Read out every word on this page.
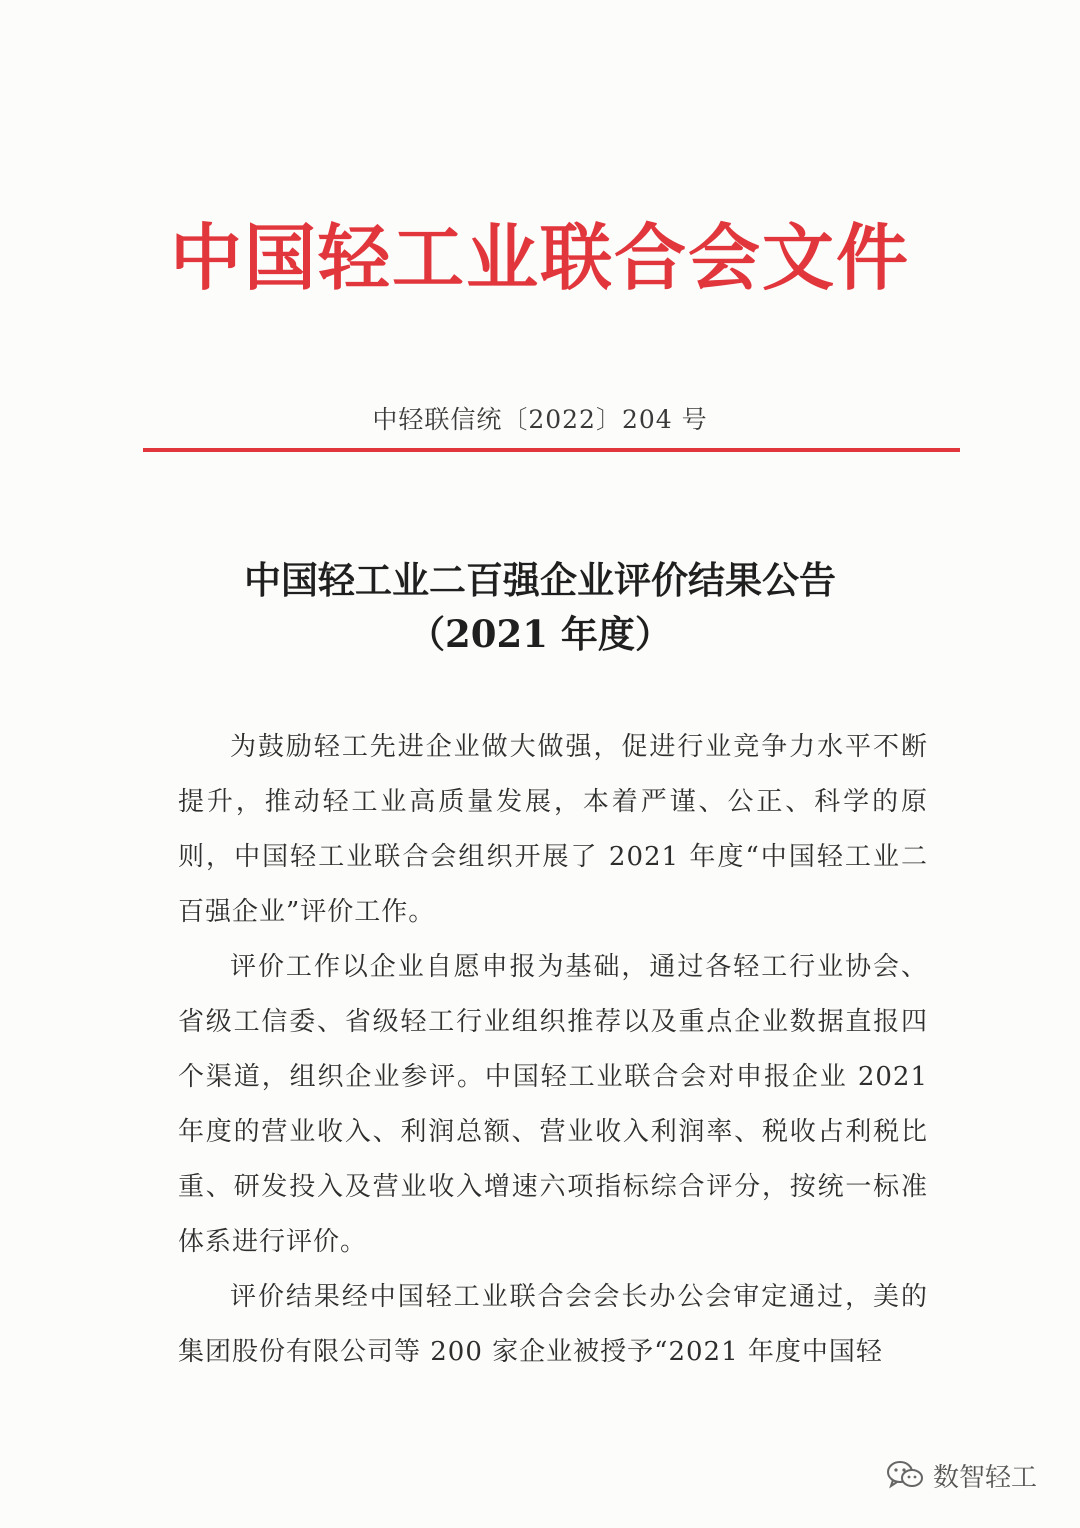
中国轻工业联合会文件
中轻联信统〔2022〕204 号
中国轻工业二百强企业评价结果公告
（2021 年度）

为鼓励轻工先进企业做大做强，促进行业竞争力水平不断提升，推动轻工业高质量发展，本着严谨、公正、科学的原则，中国轻工业联合会组织开展了 2021 年度“中国轻工业二百强企业”评价工作。

评价工作以企业自愿申报为基础，通过各轻工行业协会、省级工信委、省级轻工行业组织推荐以及重点企业数据直报四个渠道，组织企业参评。中国轻工业联合会对申报企业 2021 年度的营业收入、利润总额、营业收入利润率、税收占利税比重、研发投入及营业收入增速六项指标综合评分，按统一标准体系进行评价。

评价结果经中国轻工业联合会会长办公会审定通过，美的集团股份有限公司等 200 家企业被授予“2021 年度中国轻

数智轻工
